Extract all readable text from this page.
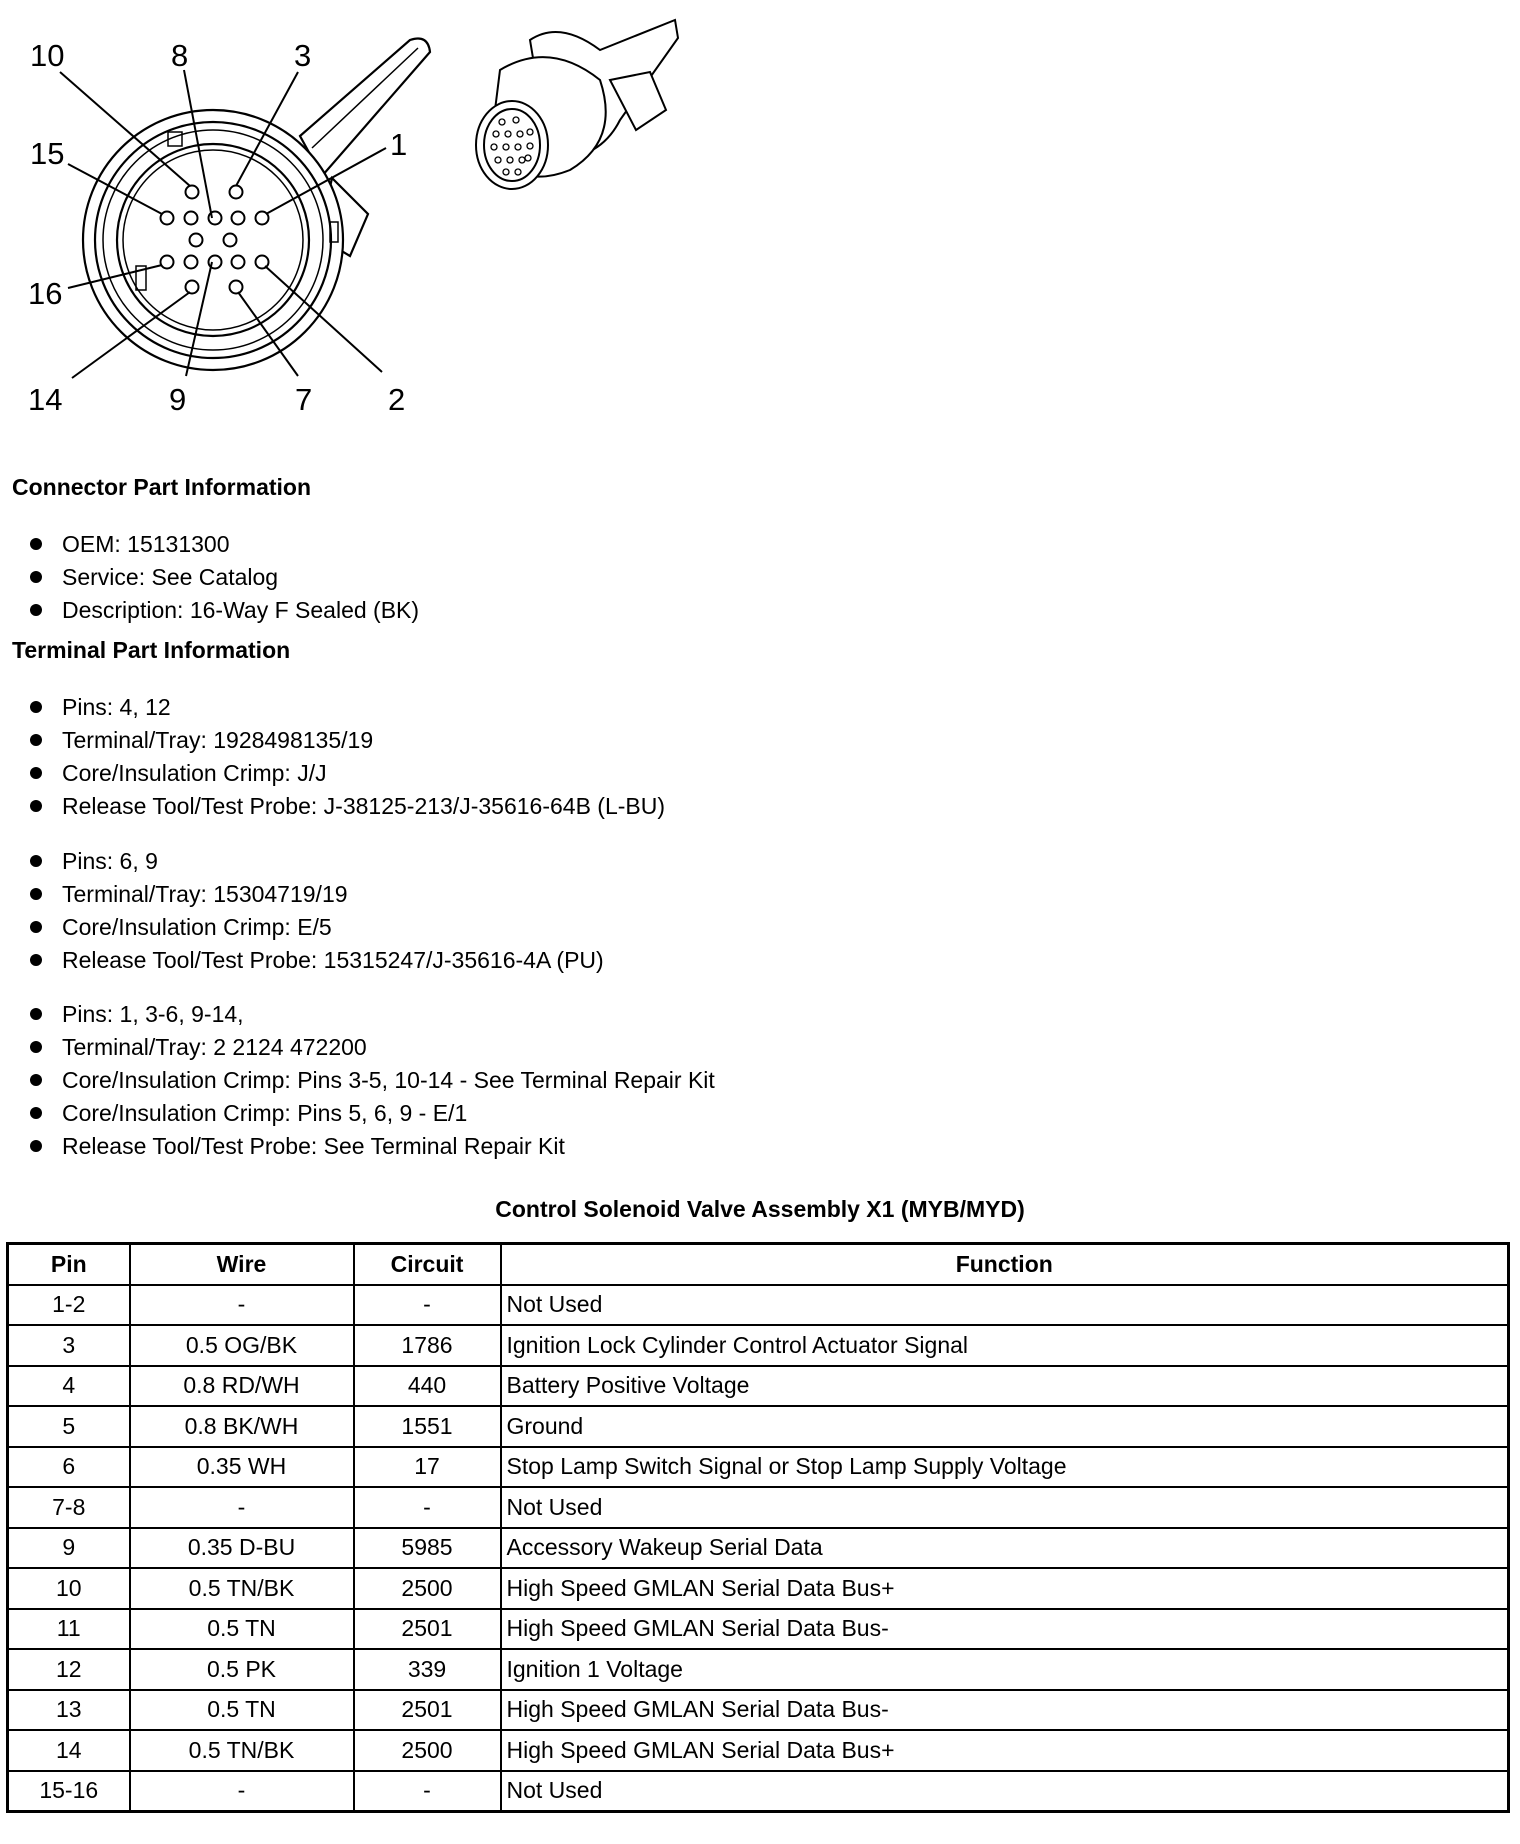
10	8	3
15	1
16
14	9	7 2

Connector Part Information

OEM: 15131300
Service: See Catalog
Description: 16-Way F Sealed (BK)

Terminal Part Information

Pins: 4, 12
Terminal/Tray: 1928498135/19
Core/Insulation Crimp: J/J
Release Tool/Test Probe: J-38125-213/J-35616-64B (L-BU)
Pins: 6, 9
Terminal/Tray: 15304719/19
Core/Insulation Crimp: E/5
Release Tool/Test Probe: 15315247/J-35616-4A (PU)
Pins: 1, 3-6, 9-14,
Terminal/Tray: 2 2124 472200
Core/Insulation Crimp: Pins 3-5, 10-14 - See Terminal Repair Kit
Core/Insulation Crimp: Pins 5, 6, 9 - E/1
Release Tool/Test Probe: See Terminal Repair Kit
Control Solenoid Valve Assembly X1 (MYB/MYD)
Pin	Wire	Circuit	Function
1-2	-	-	Not Used
3	0.5 OG/BK	1786	Ignition Lock Cylinder Control Actuator Signal
4	0.8 RD/WH	440	Battery Positive Voltage
5	0.8 BK/WH	1551	Ground
6	0.35 WH	17	Stop Lamp Switch Signal or Stop Lamp Supply Voltage
7-8	-	-	Not Used
9	0.35 D-BU	5985	Accessory Wakeup Serial Data
10	0.5 TN/BK	2500	High Speed GMLAN Serial Data Bus+
11	0.5 TN	2501	High Speed GMLAN Serial Data Bus-
12	0.5 PK	339	Ignition 1 Voltage
13	0.5 TN	2501	High Speed GMLAN Serial Data Bus-
14	0.5 TN/BK	2500	High Speed GMLAN Serial Data Bus+
15-16	-	-	Not Used
